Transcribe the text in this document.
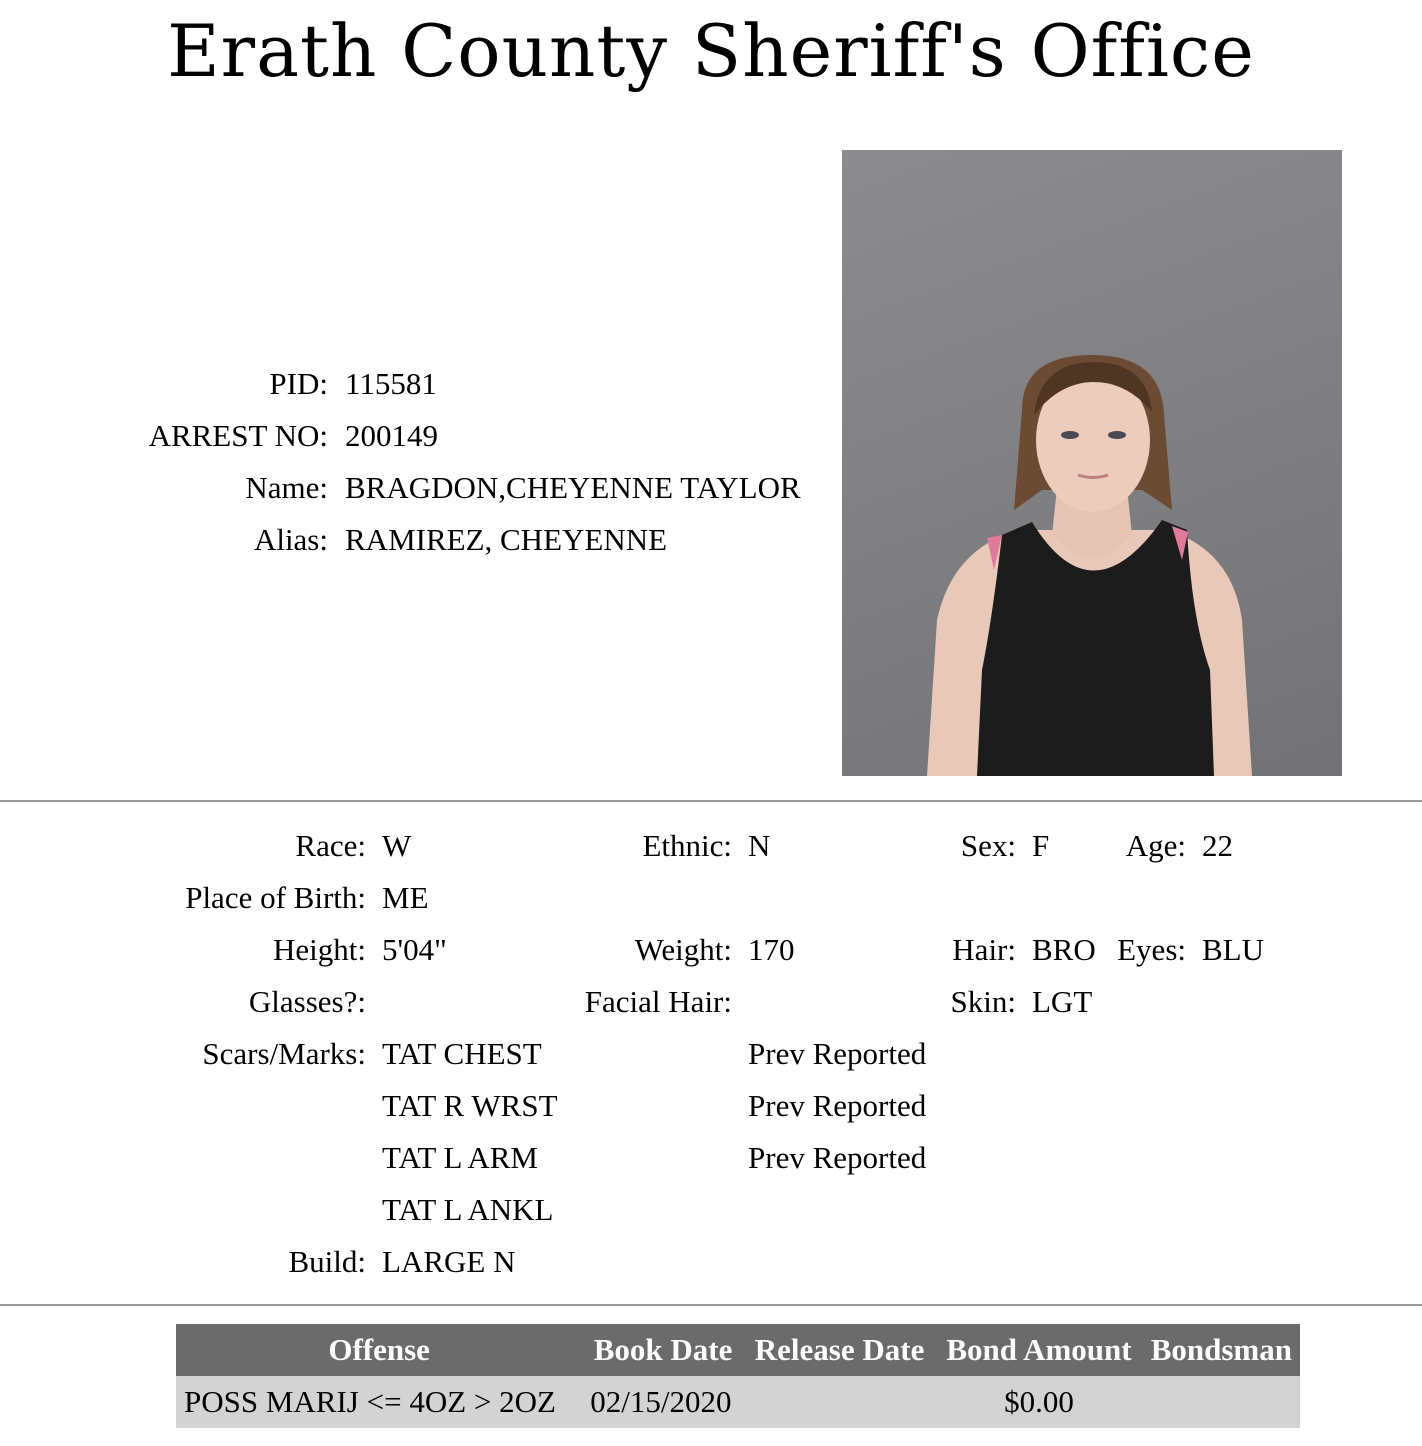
Erath County Sheriff's Office
PID: 115581
ARREST NO: 200149
Name: BRAGDON,CHEYENNE TAYLOR
Alias: RAMIREZ, CHEYENNE
Race: W	Ethnic: N	Sex: F	Age: 22
Place of Birth: ME
Height: 5'04"	Weight: 170	Hair: BRO Eyes: BLU
Glasses?:	Facial Hair:	Skin: LGT
Scars/Marks: TAT CHEST	Prev Reported
TAT R WRST	Prev Reported
TAT L ARM	Prev Reported
TAT L ANKL
Build: LARGE N
Offense	Book Date	Release Date	Bond Amount	Bondsman
POSS MARIJ <= 4OZ > 2OZ	02/15/2020		$0.00	
